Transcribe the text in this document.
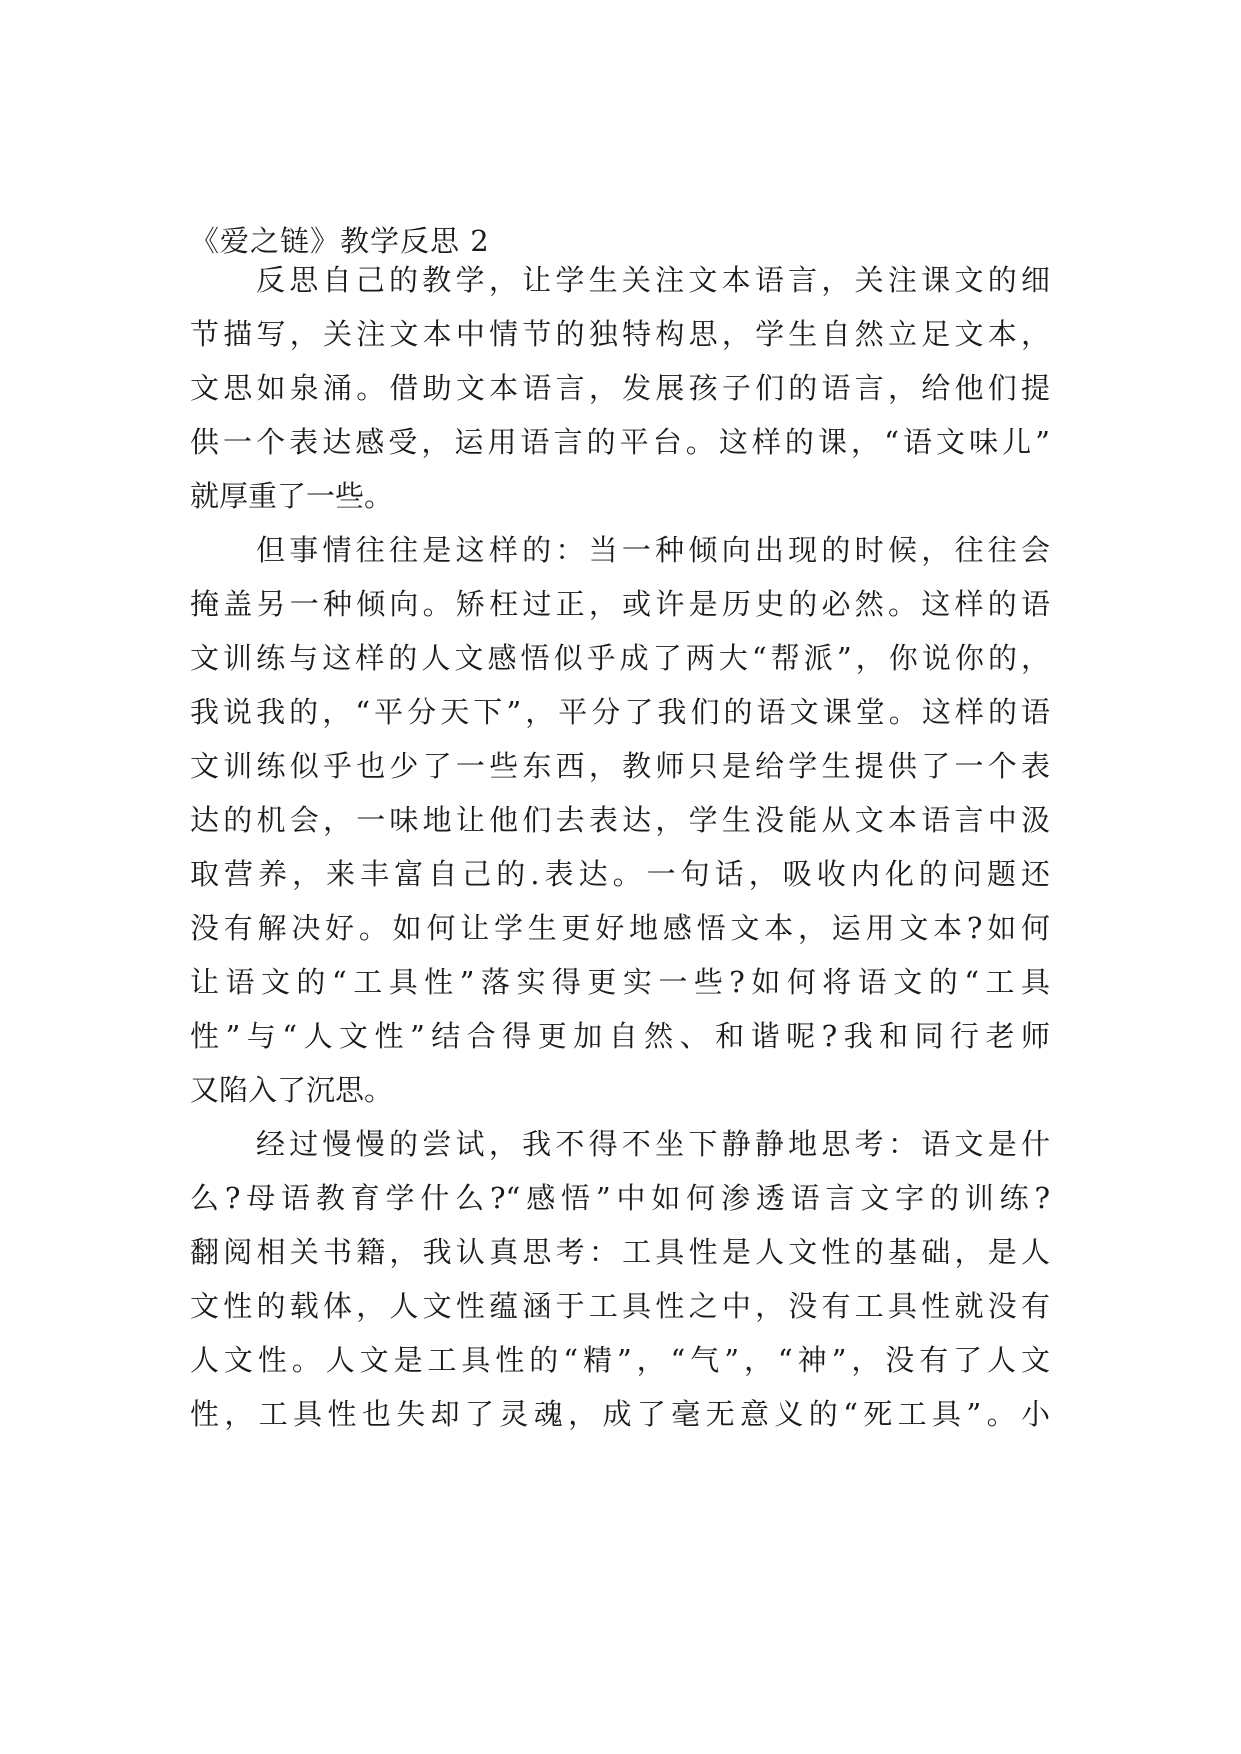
《爱之链》教学反思 2
反思自己的教学，让学生关注文本语言，关注课文的细
节描写，关注文本中情节的独特构思，学生自然立足文本，
文思如泉涌。借助文本语言，发展孩子们的语言，给他们提
供一个表达感受，运用语言的平台。这样的课，“语文味儿”
就厚重了一些。
但事情往往是这样的：当一种倾向出现的时候，往往会
掩盖另一种倾向。矫枉过正，或许是历史的必然。这样的语
文训练与这样的人文感悟似乎成了两大“帮派”，你说你的，
我说我的，“平分天下”，平分了我们的语文课堂。这样的语
文训练似乎也少了一些东西，教师只是给学生提供了一个表
达的机会，一味地让他们去表达，学生没能从文本语言中汲
取营养，来丰富自己的.表达。一句话，吸收内化的问题还
没有解决好。如何让学生更好地感悟文本，运用文本?如何
让语文的“工具性”落实得更实一些?如何将语文的“工具
性”与“人文性”结合得更加自然、和谐呢?我和同行老师
又陷入了沉思。
经过慢慢的尝试，我不得不坐下静静地思考：语文是什
么?母语教育学什么?“感悟”中如何渗透语言文字的训练?
翻阅相关书籍，我认真思考：工具性是人文性的基础，是人
文性的载体，人文性蕴涵于工具性之中，没有工具性就没有
人文性。人文是工具性的“精”，“气”，“神”，没有了人文
性，工具性也失却了灵魂，成了毫无意义的“死工具”。小
